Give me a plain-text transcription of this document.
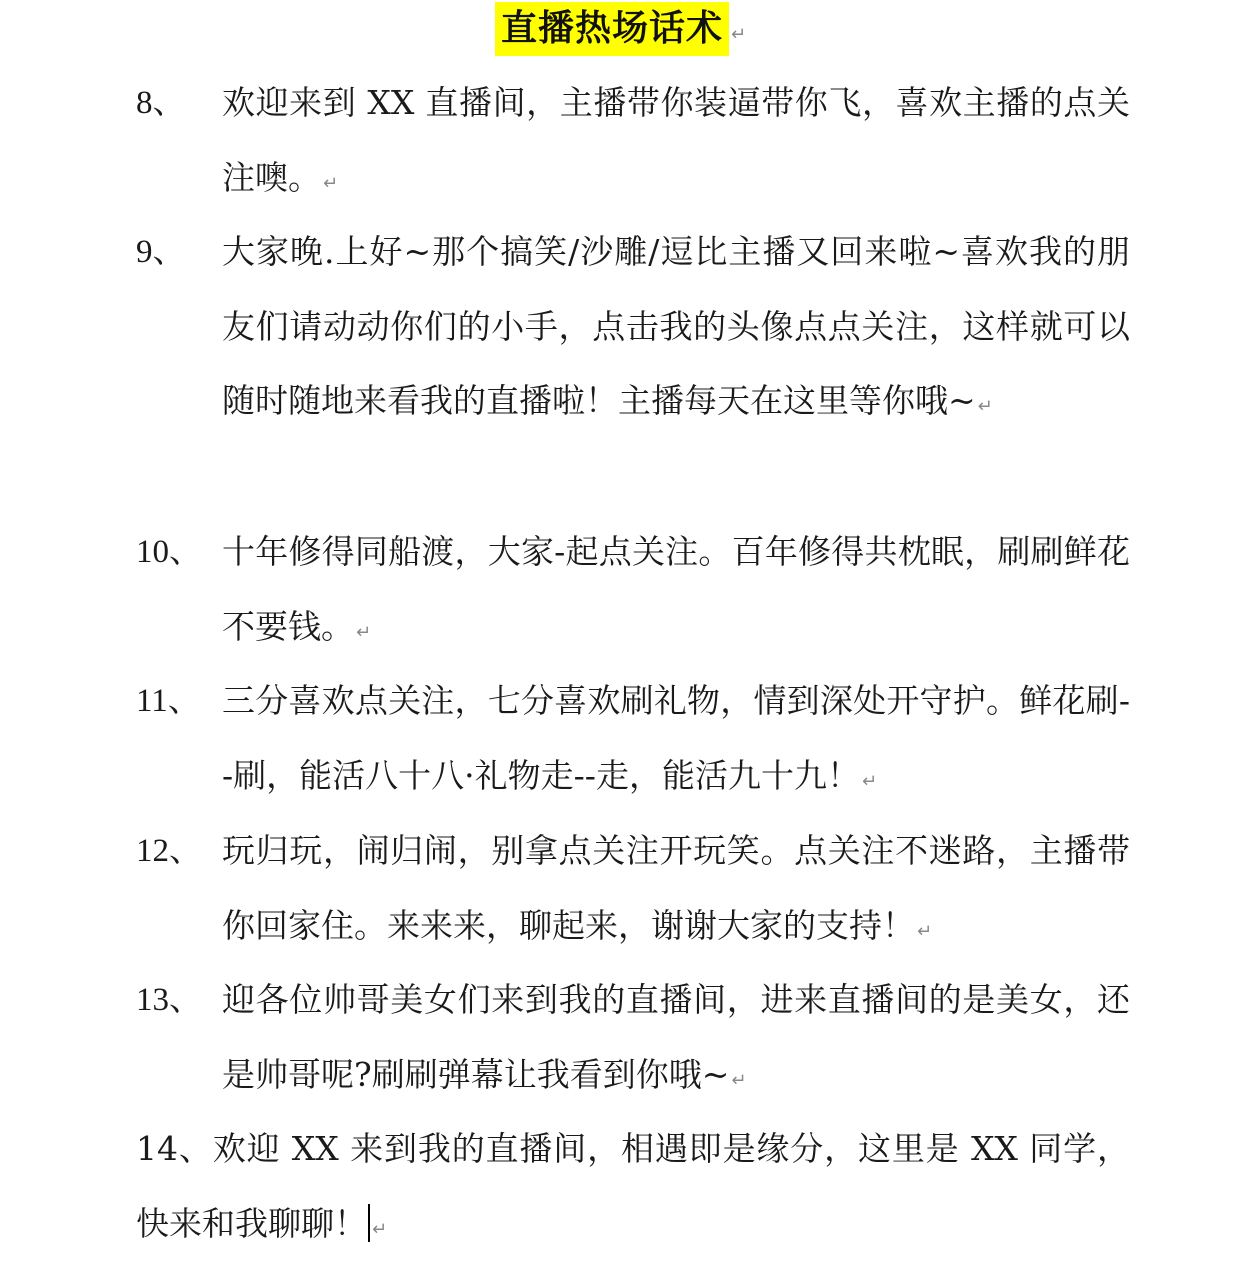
直播热场话术 ↵
8、	欢迎来到 XX 直播间，主播带你装逼带你飞，喜欢主播的点关注噢。 ↵
9、	大家晚.上好~那个搞笑/沙雕/逗比主播又回来啦~喜欢我的朋友们请动动你们的小手，点击我的头像点点关注，这样就可以随时随地来看我的直播啦！主播每天在这里等你哦~ ↵
10、 十年修得同船渡，大家-起点关注。百年修得共枕眠，刷刷鲜花不要钱。 ↵
11、 三分喜欢点关注，七分喜欢刷礼物，情到深处开守护。鲜花刷--刷，能活八十八·礼物走--走，能活九十九！ ↵
12、 玩归玩，闹归闹，别拿点关注开玩笑。点关注不迷路，主播带你回家住。来来来，聊起来，谢谢大家的支持！ ↵
13、 迎各位帅哥美女们来到我的直播间，进来直播间的是美女，还是帅哥呢?刷刷弹幕让我看到你哦~ ↵
14、欢迎 XX 来到我的直播间，相遇即是缘分，这里是 XX 同学，快来和我聊聊！ ↵
